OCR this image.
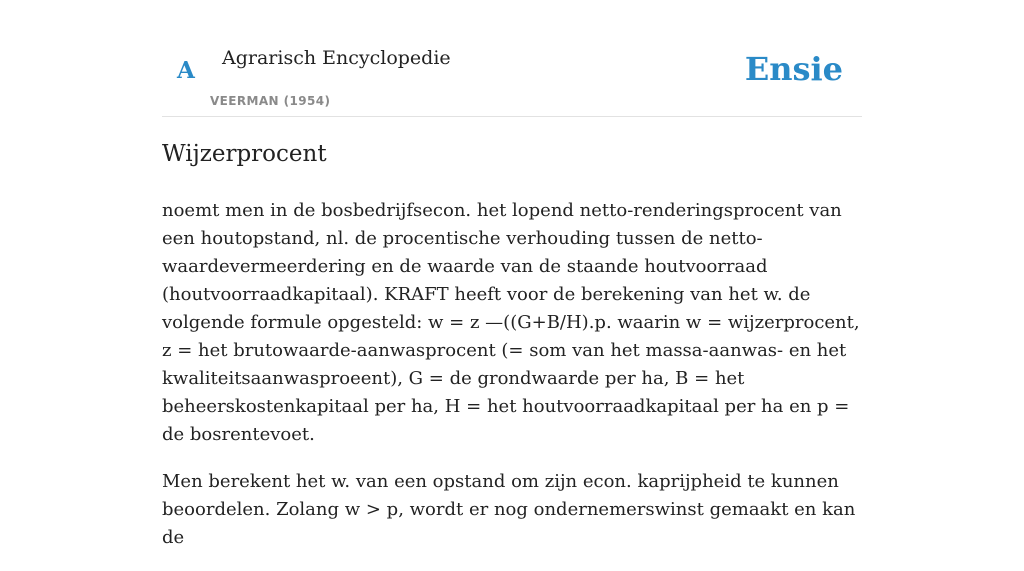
A Agrarisch Encyclopedie
VEERMAN (1954)
Ensie
Wijzerprocent

noemt men in de bosbedrijfsecon. het lopend netto-renderingsprocent van een houtopstand, nl. de procentische verhouding tussen de netto-waardevermeerdering en de waarde van de staande houtvoorraad (houtvoorraadkapitaal). KRAFT heeft voor de berekening van het w. de volgende formule opgesteld: w = z —((G+B/H).p. waarin w = wijzerprocent, z = het brutowaarde-aanwasprocent (= som van het massa-aanwas- en het kwaliteitsaanwasproeent), G = de grondwaarde per ha, B = het beheerskostenkapitaal per ha, H = het houtvoorraadkapitaal per ha en p = de bosrentevoet.

Men berekent het w. van een opstand om zijn econ. kaprijpheid te kunnen beoordelen. Zolang w > p, wordt er nog ondernemerswinst gemaakt en kan de
